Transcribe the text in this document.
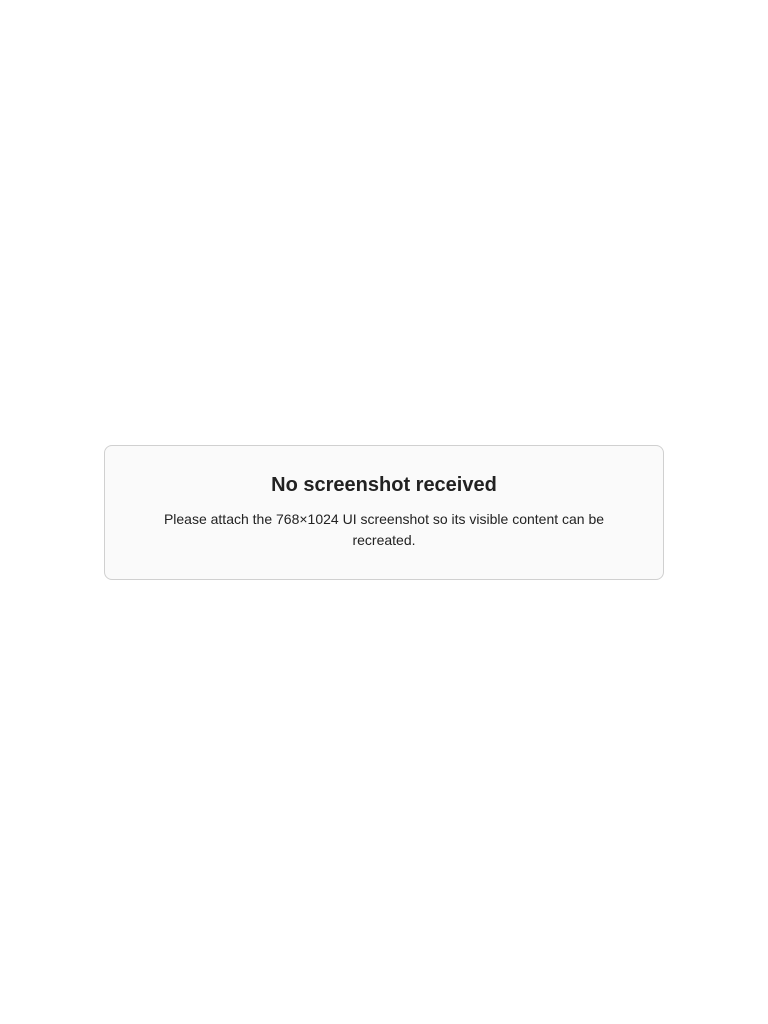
No screenshot received

Please attach the 768×1024 UI screenshot so its visible content can be recreated.
